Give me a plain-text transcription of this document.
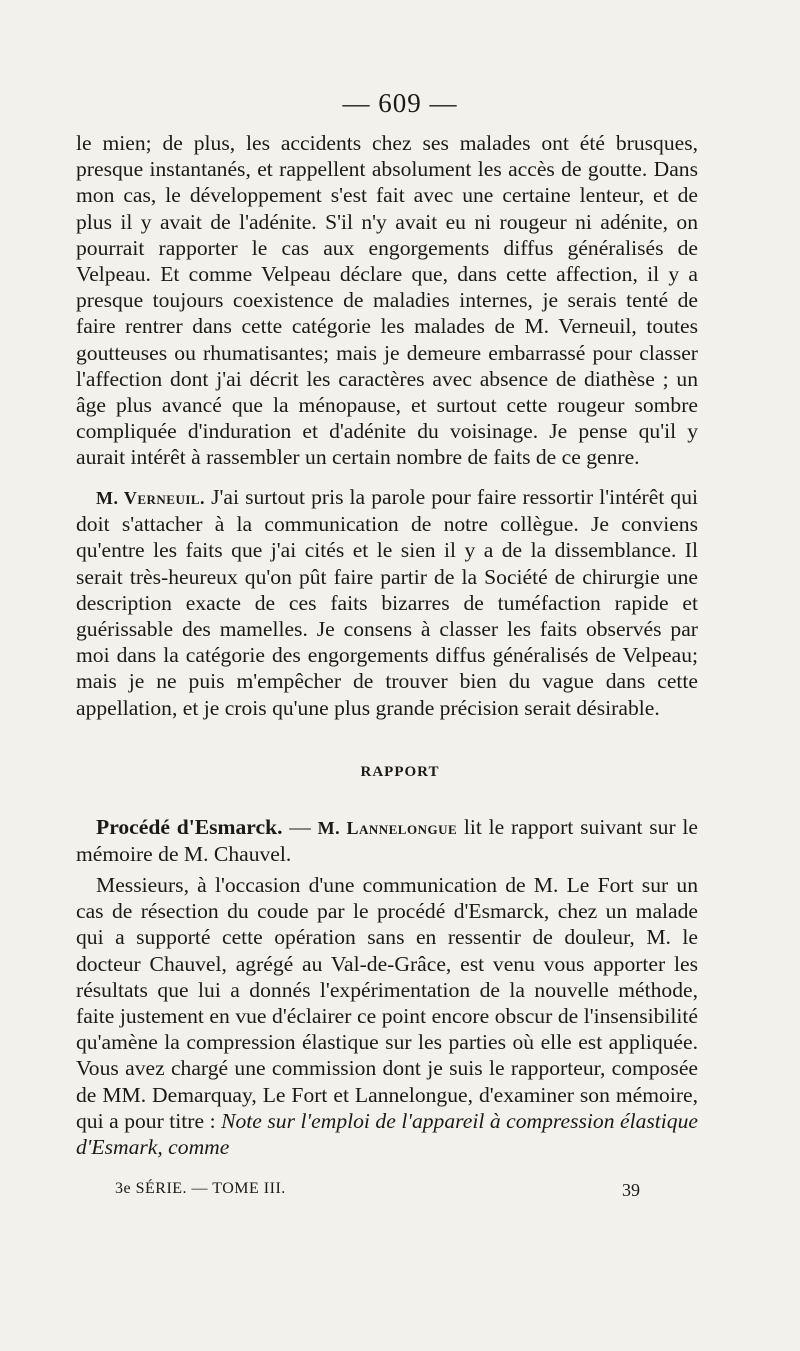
— 609 —

le mien; de plus, les accidents chez ses malades ont été brusques, presque instantanés, et rappellent absolument les accès de goutte. Dans mon cas, le développement s'est fait avec une certaine lenteur, et de plus il y avait de l'adénite. S'il n'y avait eu ni rougeur ni adénite, on pourrait rapporter le cas aux engorgements diffus généralisés de Velpeau. Et comme Velpeau déclare que, dans cette affection, il y a presque toujours coexistence de maladies internes, je serais tenté de faire rentrer dans cette catégorie les malades de M. Verneuil, toutes goutteuses ou rhumatisantes; mais je demeure embarrassé pour classer l'affection dont j'ai décrit les caractères avec absence de diathèse ; un âge plus avancé que la ménopause, et surtout cette rougeur sombre compliquée d'induration et d'adénite du voisinage. Je pense qu'il y aurait intérêt à rassembler un certain nombre de faits de ce genre.

M. Verneuil. J'ai surtout pris la parole pour faire ressortir l'intérêt qui doit s'attacher à la communication de notre collègue. Je conviens qu'entre les faits que j'ai cités et le sien il y a de la dissemblance. Il serait très-heureux qu'on pût faire partir de la Société de chirurgie une description exacte de ces faits bizarres de tuméfaction rapide et guérissable des mamelles. Je consens à classer les faits observés par moi dans la catégorie des engorgements diffus généralisés de Velpeau; mais je ne puis m'empêcher de trouver bien du vague dans cette appellation, et je crois qu'une plus grande précision serait désirable.

RAPPORT

Procédé d'Esmarck. — M. Lannelongue lit le rapport suivant sur le mémoire de M. Chauvel.

Messieurs, à l'occasion d'une communication de M. Le Fort sur un cas de résection du coude par le procédé d'Esmarck, chez un malade qui a supporté cette opération sans en ressentir de douleur, M. le docteur Chauvel, agrégé au Val-de-Grâce, est venu vous apporter les résultats que lui a donnés l'expérimentation de la nouvelle méthode, faite justement en vue d'éclairer ce point encore obscur de l'insensibilité qu'amène la compression élastique sur les parties où elle est appliquée. Vous avez chargé une commission dont je suis le rapporteur, composée de MM. Demarquay, Le Fort et Lannelongue, d'examiner son mémoire, qui a pour titre : Note sur l'emploi de l'appareil à compression élastique d'Esmark, comme

3e SÉRIE. — TOME III.	39
